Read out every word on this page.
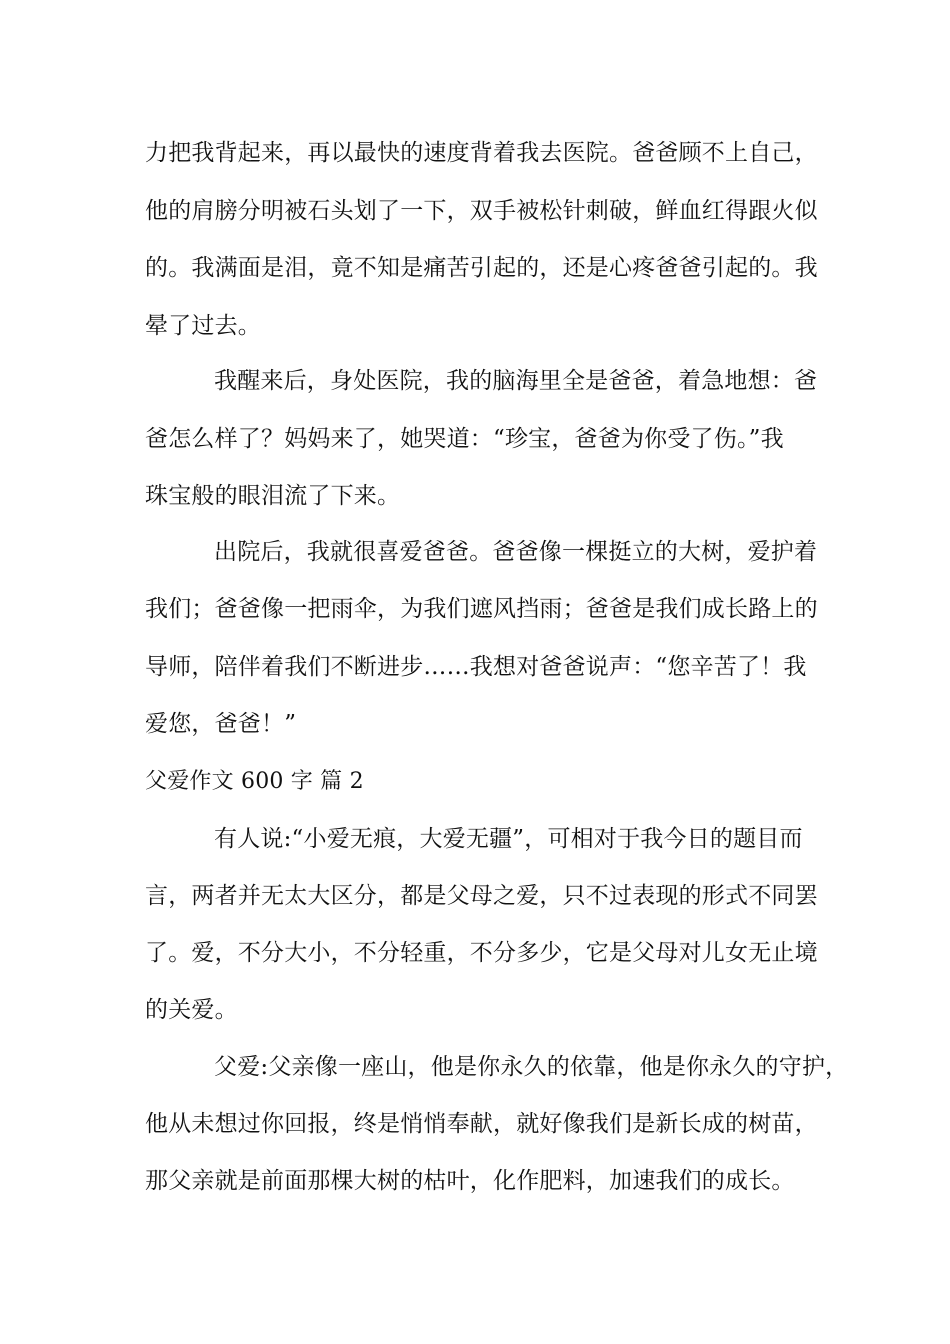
力把我背起来，再以最快的速度背着我去医院。爸爸顾不上自己，
他的肩膀分明被石头划了一下，双手被松针刺破，鲜血红得跟火似
的。我满面是泪，竟不知是痛苦引起的，还是心疼爸爸引起的。我
晕了过去。
我醒来后，身处医院，我的脑海里全是爸爸，着急地想：爸
爸怎么样了？妈妈来了，她哭道：“珍宝，爸爸为你受了伤。”我
珠宝般的眼泪流了下来。
出院后，我就很喜爱爸爸。爸爸像一棵挺立的大树，爱护着
我们；爸爸像一把雨伞，为我们遮风挡雨；爸爸是我们成长路上的
导师，陪伴着我们不断进步……我想对爸爸说声：“您辛苦了！我
爱您，爸爸！”
父爱作文 600 字 篇 2
有人说:“小爱无痕，大爱无疆”，可相对于我今日的题目而
言，两者并无太大区分，都是父母之爱，只不过表现的形式不同罢
了。爱，不分大小，不分轻重，不分多少，它是父母对儿女无止境
的关爱。
父爱:父亲像一座山，他是你永久的依靠，他是你永久的守护，
他从未想过你回报，终是悄悄奉献，就好像我们是新长成的树苗，
那父亲就是前面那棵大树的枯叶，化作肥料，加速我们的成长。
